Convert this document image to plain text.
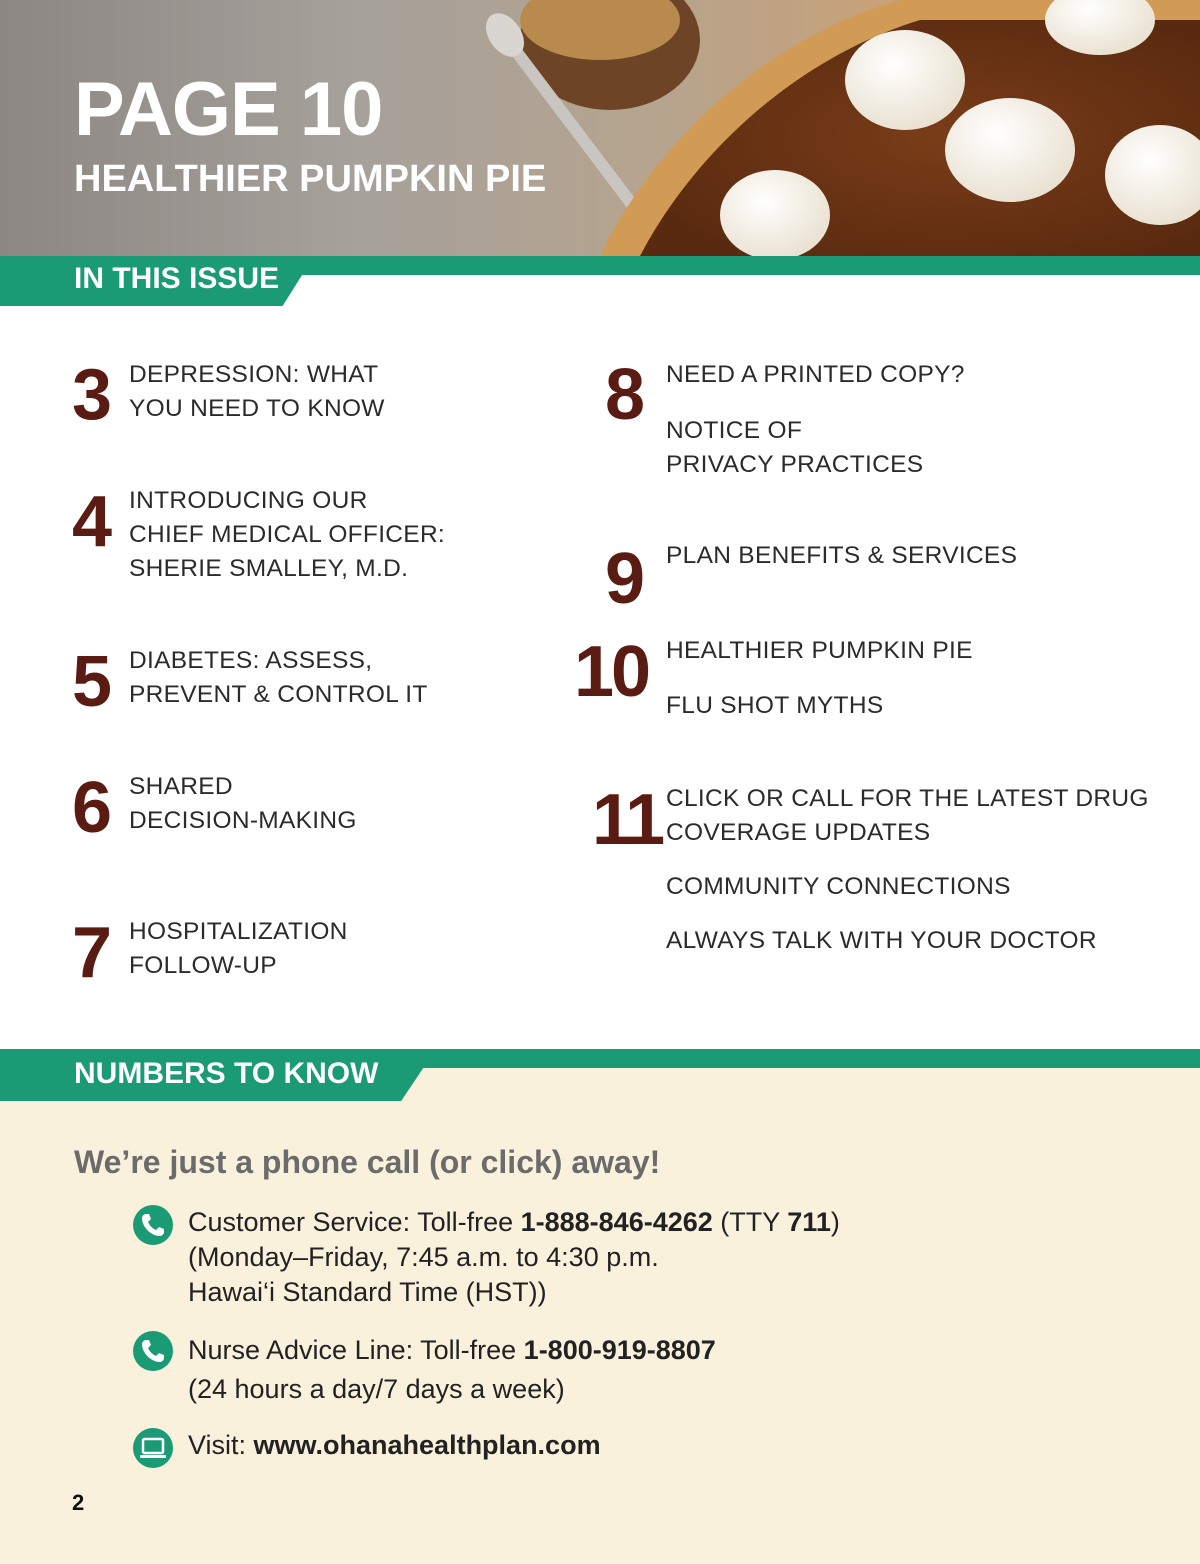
PAGE 10
HEALTHIER PUMPKIN PIE
IN THIS ISSUE
3 DEPRESSION: WHAT
YOU NEED TO KNOW
4 INTRODUCING OUR
CHIEF MEDICAL OFFICER:
SHERIE SMALLEY, M.D.
5 DIABETES: ASSESS,
PREVENT & CONTROL IT
6 SHARED
DECISION-MAKING
7 HOSPITALIZATION
FOLLOW-UP
8 NEED A PRINTED COPY?
NOTICE OF
PRIVACY PRACTICES
9 PLAN BENEFITS & SERVICES
10 HEALTHIER PUMPKIN PIE
FLU SHOT MYTHS
11 CLICK OR CALL FOR THE LATEST DRUG
COVERAGE UPDATES
COMMUNITY CONNECTIONS
ALWAYS TALK WITH YOUR DOCTOR
NUMBERS TO KNOW
We’re just a phone call (or click) away!
Customer Service: Toll-free 1-888-846-4262 (TTY 711)
(Monday–Friday, 7:45 a.m. to 4:30 p.m.
Hawai‘i Standard Time (HST))
Nurse Advice Line: Toll-free 1-800-919-8807
(24 hours a day/7 days a week)
Visit: www.ohanahealthplan.com
2
